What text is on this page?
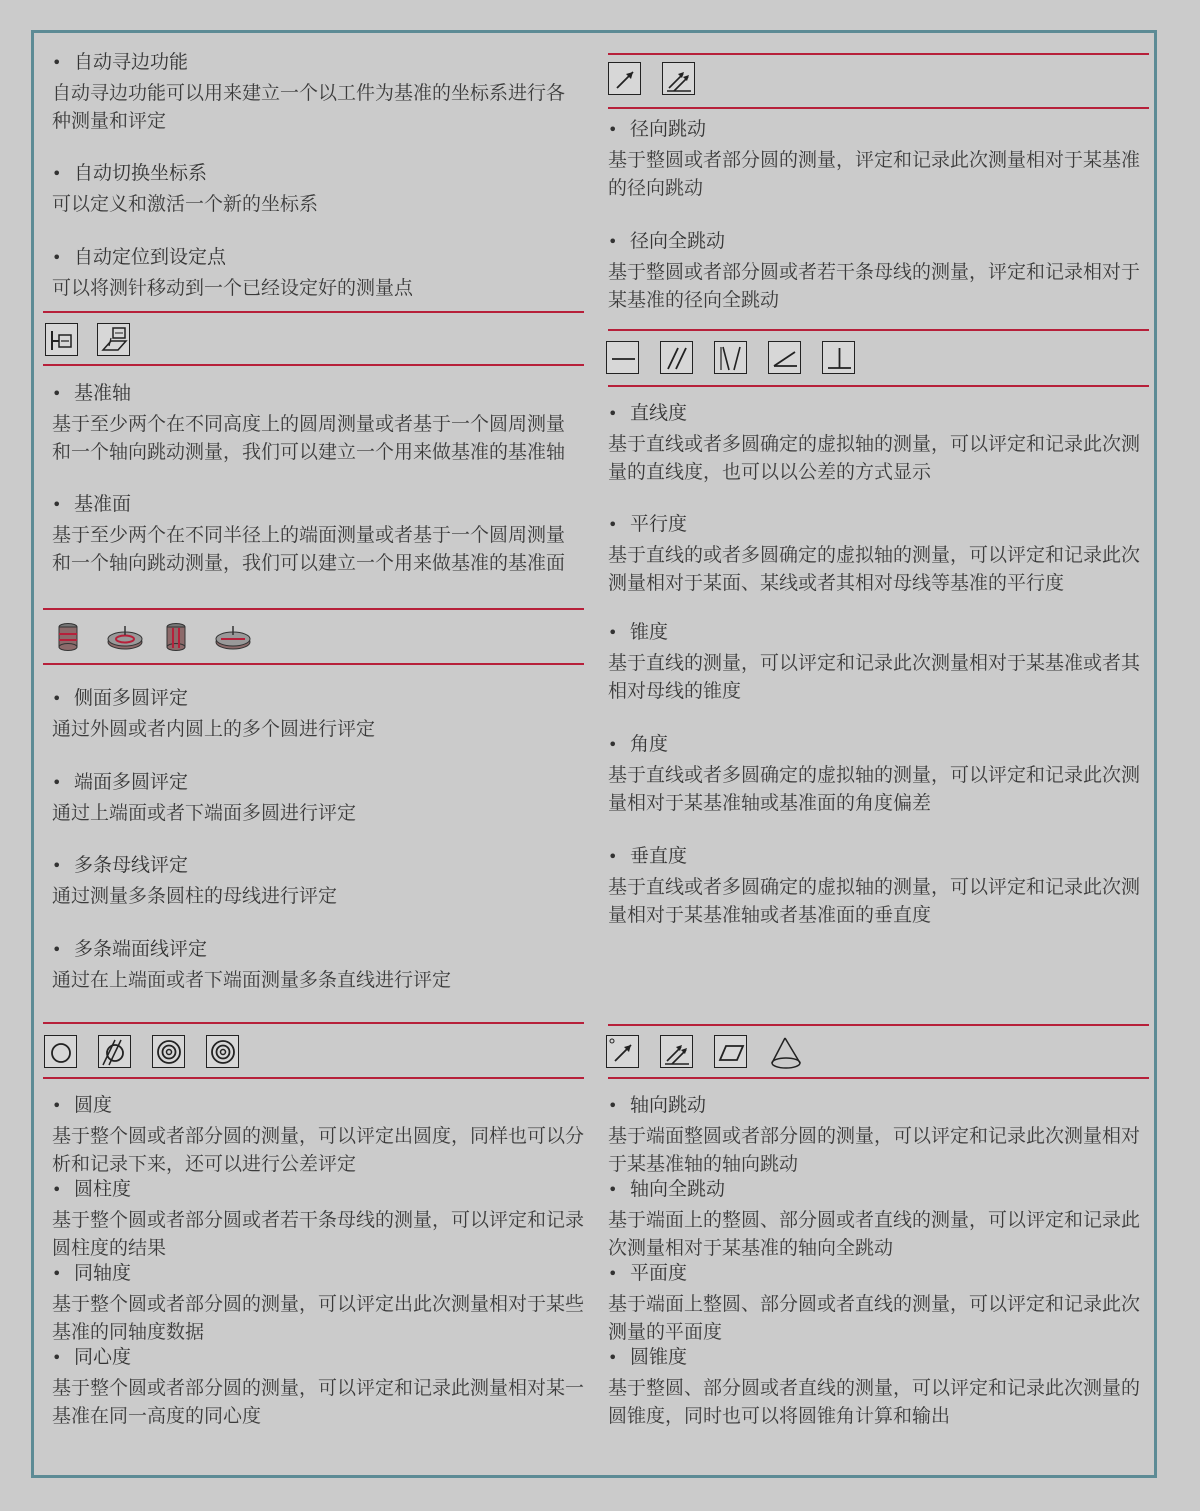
• 自动寻边功能
自动寻边功能可以用来建立一个以工件为基准的坐标系进行各种测量和评定
• 自动切换坐标系
可以定义和激活一个新的坐标系
• 自动定位到设定点
可以将测针移动到一个已经设定好的测量点
• 基准轴
基于至少两个在不同高度上的圆周测量或者基于一个圆周测量和一个轴向跳动测量，我们可以建立一个用来做基准的基准轴
• 基准面
基于至少两个在不同半径上的端面测量或者基于一个圆周测量和一个轴向跳动测量，我们可以建立一个用来做基准的基准面
• 侧面多圆评定
通过外圆或者内圆上的多个圆进行评定
• 端面多圆评定
通过上端面或者下端面多圆进行评定
• 多条母线评定
通过测量多条圆柱的母线进行评定
• 多条端面线评定
通过在上端面或者下端面测量多条直线进行评定
• 圆度
基于整个圆或者部分圆的测量，可以评定出圆度，同样也可以分析和记录下来，还可以进行公差评定
• 圆柱度
基于整个圆或者部分圆或者若干条母线的测量，可以评定和记录圆柱度的结果
• 同轴度
基于整个圆或者部分圆的测量，可以评定出此次测量相对于某些基准的同轴度数据
• 同心度
基于整个圆或者部分圆的测量，可以评定和记录此测量相对某一基准在同一高度的同心度
• 径向跳动
基于整圆或者部分圆的测量，评定和记录此次测量相对于某基准的径向跳动
• 径向全跳动
基于整圆或者部分圆或者若干条母线的测量，评定和记录相对于某基准的径向全跳动
• 直线度
基于直线或者多圆确定的虚拟轴的测量，可以评定和记录此次测量的直线度，也可以以公差的方式显示
• 平行度
基于直线的或者多圆确定的虚拟轴的测量，可以评定和记录此次测量相对于某面、某线或者其相对母线等基准的平行度
• 锥度
基于直线的测量，可以评定和记录此次测量相对于某基准或者其相对母线的锥度
• 角度
基于直线或者多圆确定的虚拟轴的测量，可以评定和记录此次测量相对于某基准轴或基准面的角度偏差
• 垂直度
基于直线或者多圆确定的虚拟轴的测量，可以评定和记录此次测量相对于某基准轴或者基准面的垂直度
• 轴向跳动
基于端面整圆或者部分圆的测量，可以评定和记录此次测量相对于某基准轴的轴向跳动
• 轴向全跳动
基于端面上的整圆、部分圆或者直线的测量，可以评定和记录此次测量相对于某基准的轴向全跳动
• 平面度
基于端面上整圆、部分圆或者直线的测量，可以评定和记录此次测量的平面度
• 圆锥度
基于整圆、部分圆或者直线的测量，可以评定和记录此次测量的圆锥度，同时也可以将圆锥角计算和输出
